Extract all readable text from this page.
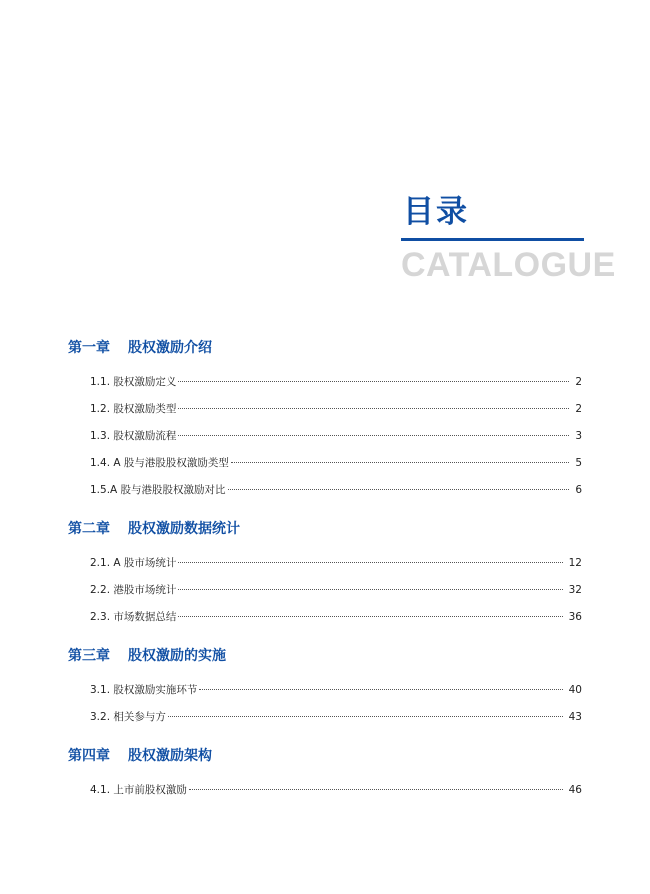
目录
CATALOGUE
第一章 股权激励介绍
1.1. 股权激励定义	2
1.2. 股权激励类型	2
1.3. 股权激励流程	3
1.4. A 股与港股股权激励类型	5
1.5.A 股与港股股权激励对比	6
第二章 股权激励数据统计
2.1. A 股市场统计	12
2.2. 港股市场统计	32
2.3. 市场数据总结	36
第三章 股权激励的实施
3.1. 股权激励实施环节	40
3.2. 相关参与方	43
第四章 股权激励架构
4.1. 上市前股权激励	46
